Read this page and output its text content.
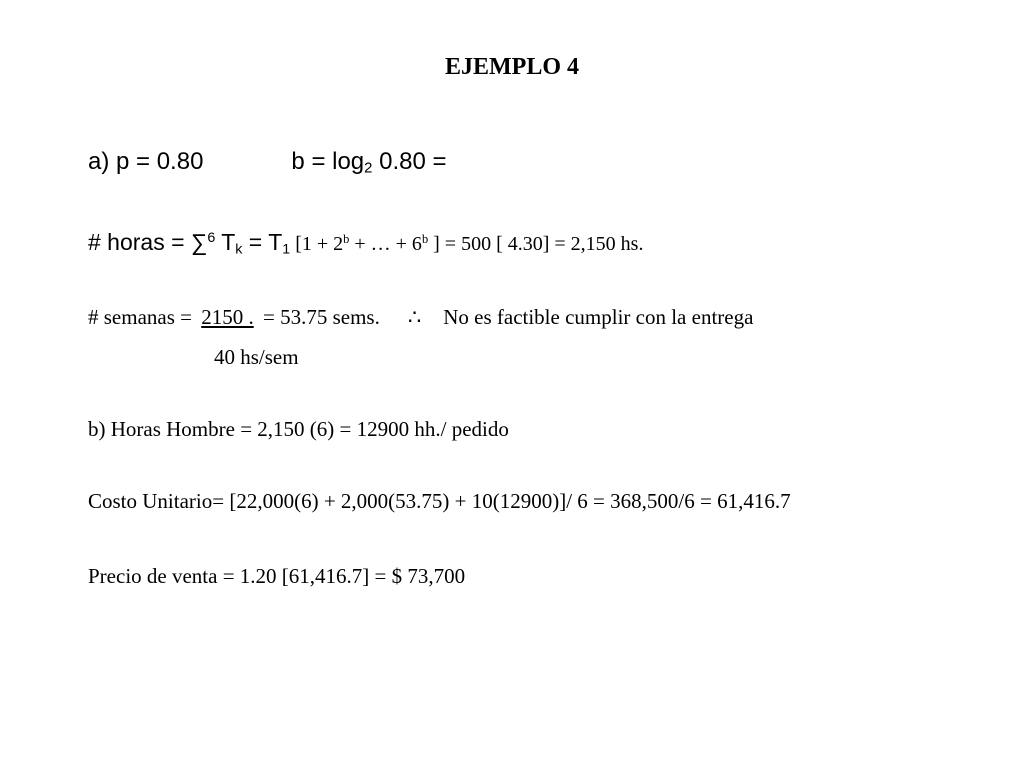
EJEMPLO 4
a) p = 0.80	$b = \log_2 0.80$ =
# horas = ∑$^6$ $T_k = T_1$ [$1 + 2^b$ + … + $6^b$ ] = 500 [ 4.30] = 2,150 hs.
# semanas = 2150 . = 53.75 sems. ∴ No es factible cumplir con la entrega
40 hs/sem
b) Horas Hombre = 2,150 (6) = 12900 hh./ pedido
Costo Unitario= [22,000(6) + 2,000(53.75) + 10(12900)]/ 6 = 368,500/6 = 61,416.7
Precio de venta = 1.20 [61,416.7] = $ 73,700
